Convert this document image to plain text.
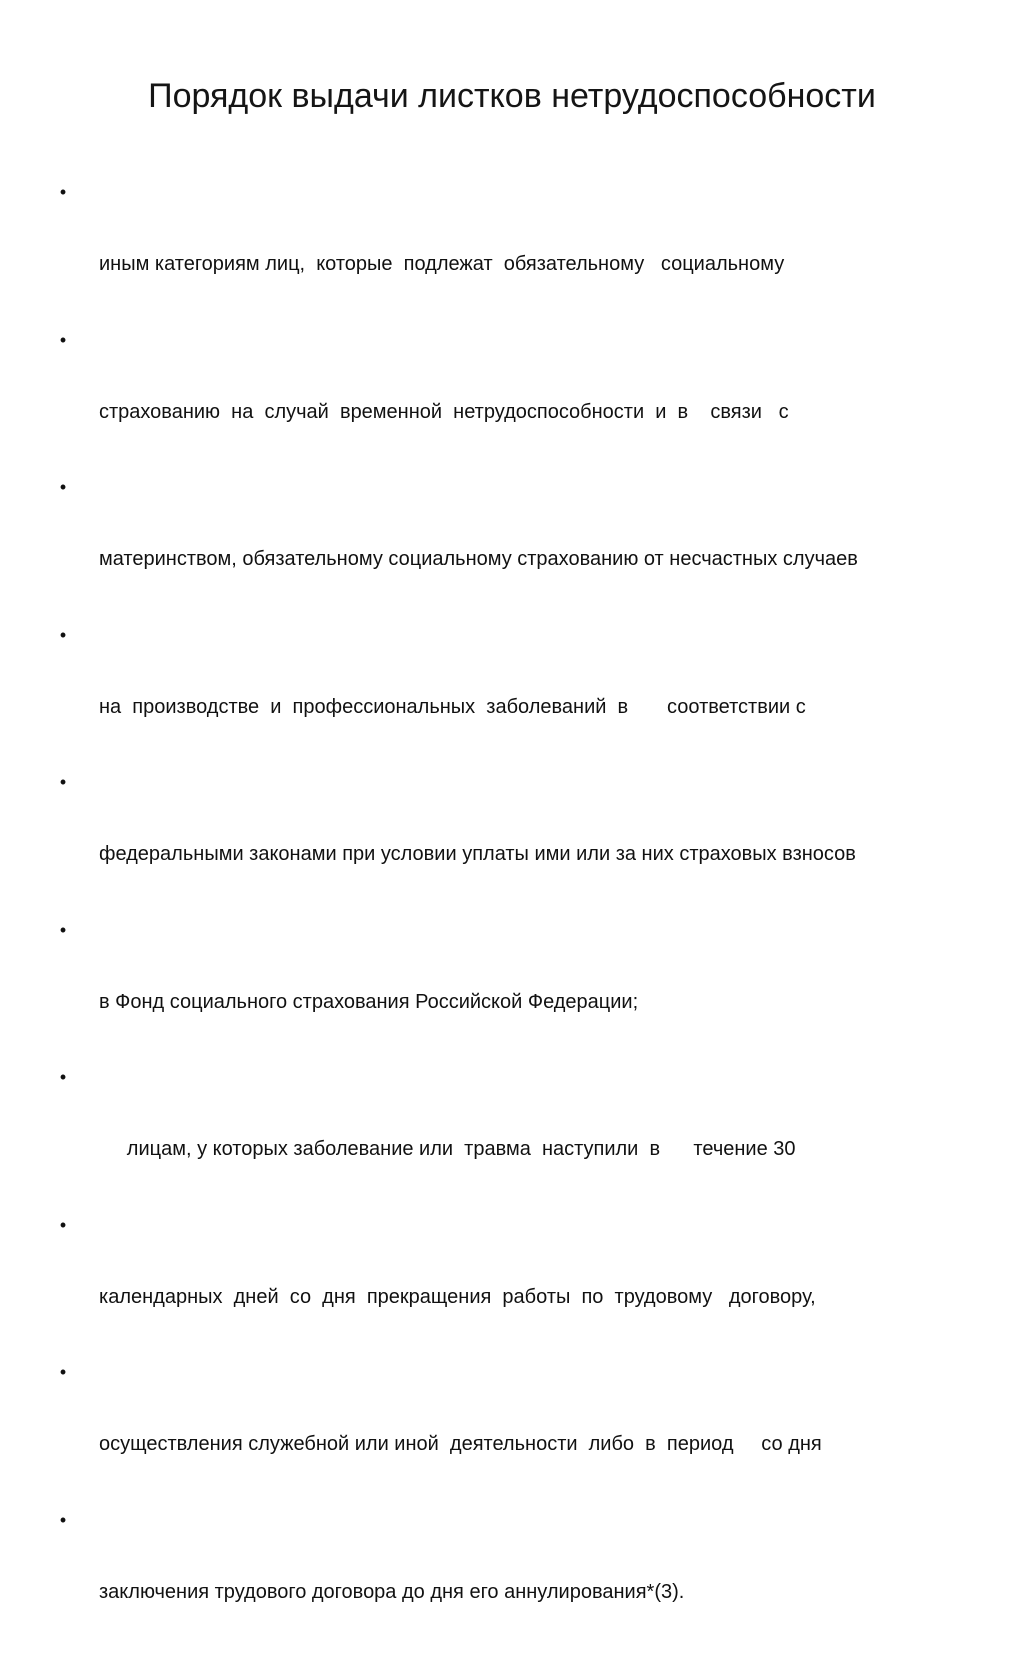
Порядок выдачи листков нетрудоспособности

•

иным категориям лиц,  которые  подлежат  обязательному   социальному

•

страхованию  на  случай  временной  нетрудоспособности  и  в    связи   с

•

материнством, обязательному социальному страхованию от несчастных случаев

•

на  производстве  и  профессиональных  заболеваний  в       соответствии с

•

федеральными законами при условии уплаты ими или за них страховых взносов

•

в Фонд социального страхования Российской Федерации;

•

лицам, у которых заболевание или  травма  наступили  в      течение 30

•

календарных  дней  со  дня  прекращения  работы  по  трудовому   договору,

•

осуществления служебной или иной  деятельности  либо  в  период     со дня

•

заключения трудового договора до дня его аннулирования*(3).
